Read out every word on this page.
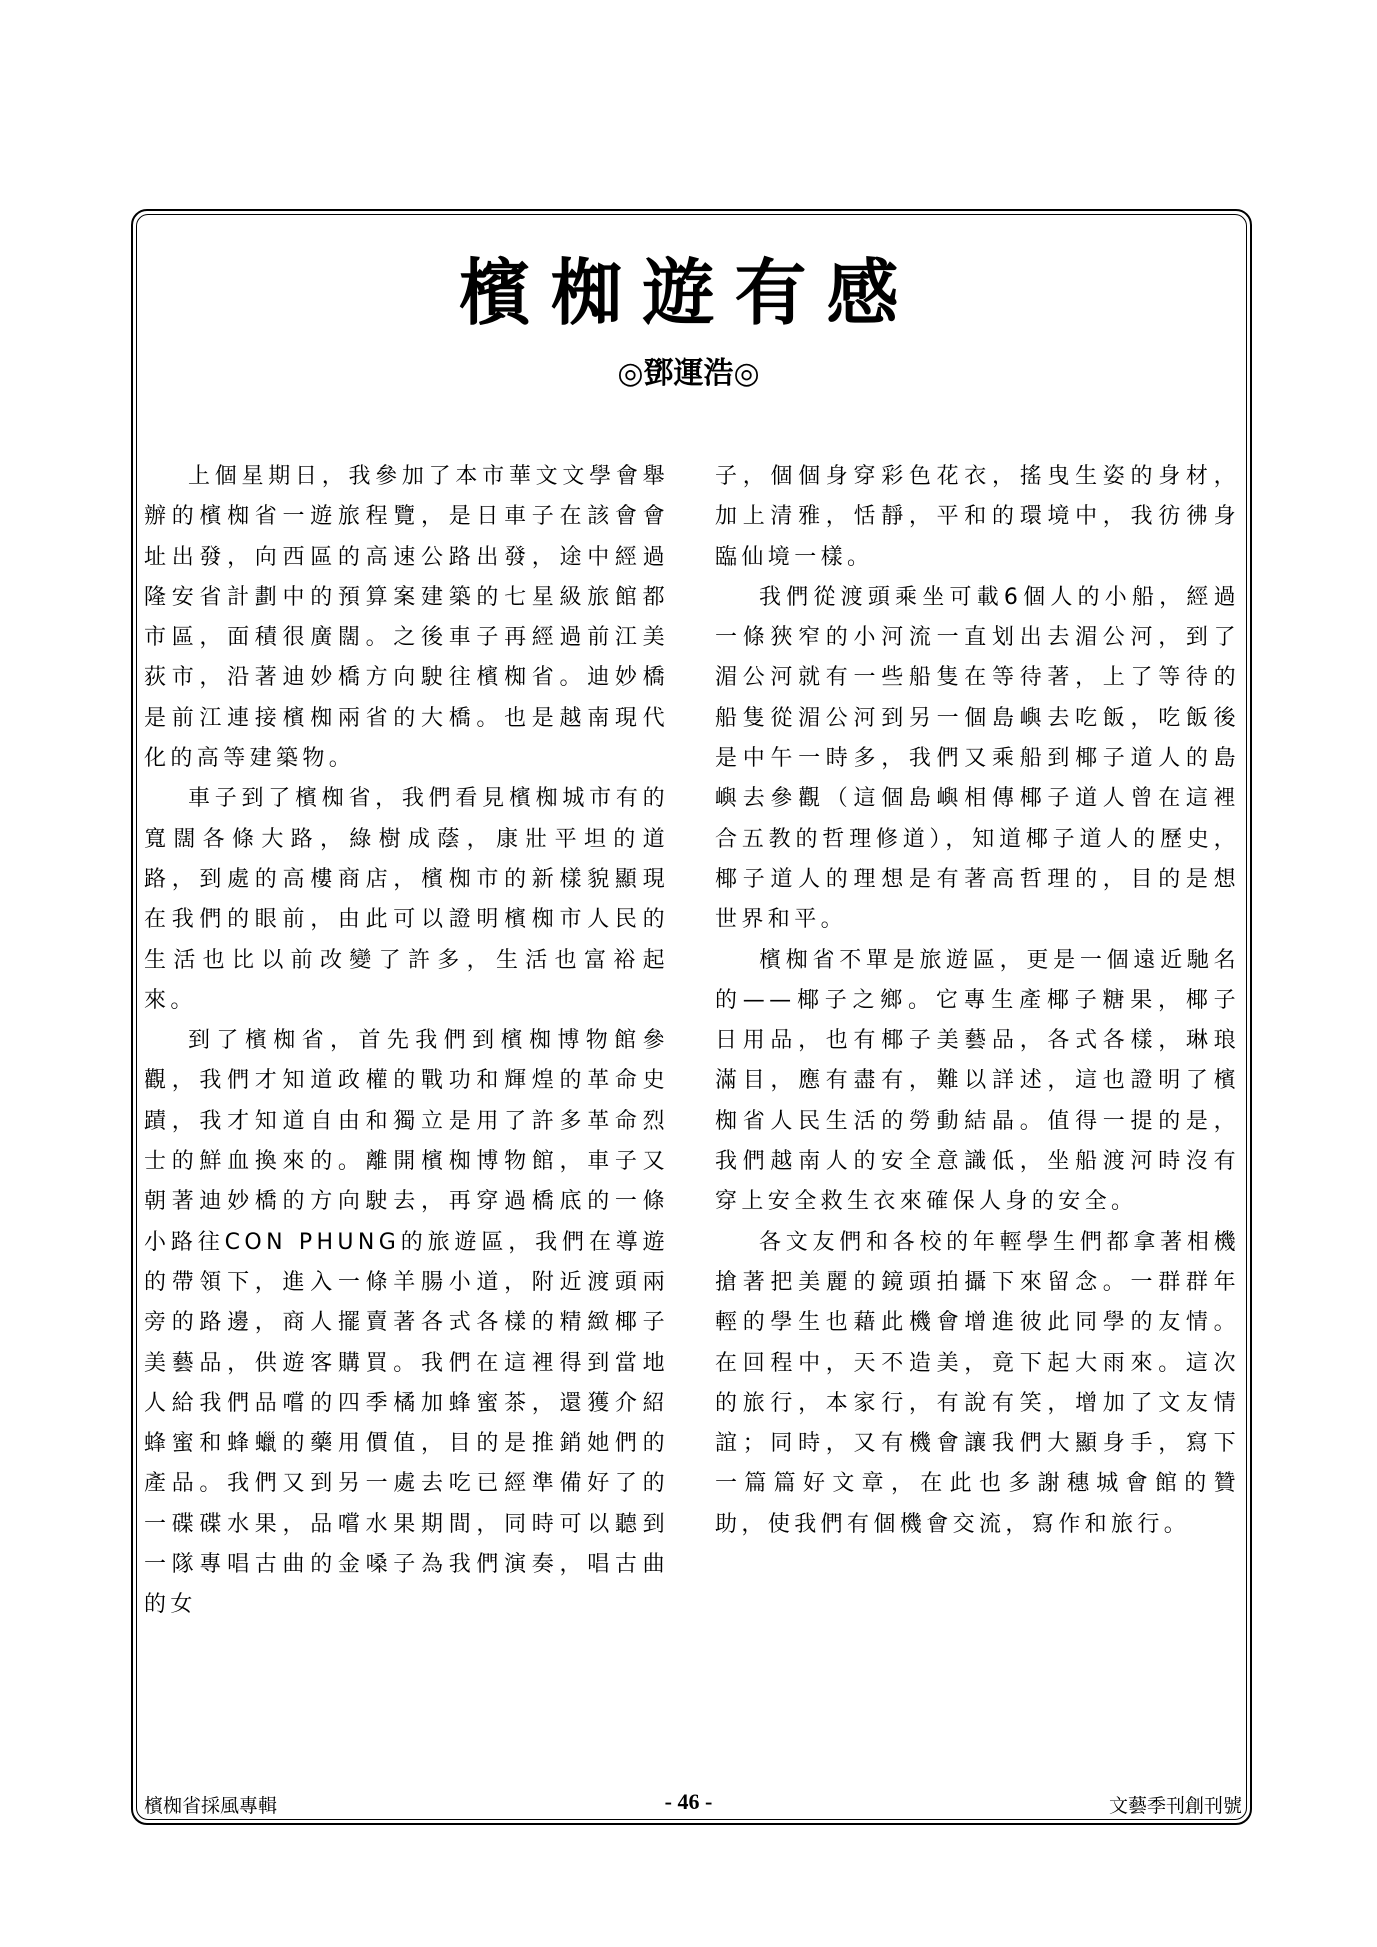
檳椥遊有感
◎鄧運浩◎

上個星期日，我參加了本市華文文學會舉辦的檳椥省一遊旅程覽，是日車子在該會會址出發，向西區的高速公路出發，途中經過隆安省計劃中的預算案建築的七星級旅館都市區，面積很廣闊。之後車子再經過前江美荻市，沿著迪妙橋方向駛往檳椥省。迪妙橋是前江連接檳椥兩省的大橋。也是越南現代化的高等建築物。

車子到了檳椥省，我們看見檳椥城市有的寬闊各條大路，綠樹成蔭，康壯平坦的道路，到處的高樓商店，檳椥市的新樣貌顯現在我們的眼前，由此可以證明檳椥市人民的生活也比以前改變了許多，生活也富裕起來。

到了檳椥省，首先我們到檳椥博物館參觀，我們才知道政權的戰功和輝煌的革命史蹟，我才知道自由和獨立是用了許多革命烈士的鮮血換來的。離開檳椥博物館，車子又朝著迪妙橋的方向駛去，再穿過橋底的一條小路往CON PHUNG的旅遊區，我們在導遊的帶領下，進入一條羊腸小道，附近渡頭兩旁的路邊，商人擺賣著各式各樣的精緻椰子美藝品，供遊客購買。我們在這裡得到當地人給我們品嚐的四季橘加蜂蜜茶，還獲介紹蜂蜜和蜂蠟的藥用價值，目的是推銷她們的產品。我們又到另一處去吃已經準備好了的一碟碟水果，品嚐水果期間，同時可以聽到一隊專唱古曲的金嗓子為我們演奏，唱古曲的女

子，個個身穿彩色花衣，搖曳生姿的身材，加上清雅，恬靜，平和的環境中，我彷彿身臨仙境一樣。

我們從渡頭乘坐可載6個人的小船，經過一條狹窄的小河流一直划出去湄公河，到了湄公河就有一些船隻在等待著，上了等待的船隻從湄公河到另一個島嶼去吃飯，吃飯後是中午一時多，我們又乘船到椰子道人的島嶼去參觀（這個島嶼相傳椰子道人曾在這裡合五教的哲理修道），知道椰子道人的歷史，椰子道人的理想是有著高哲理的，目的是想世界和平。

檳椥省不單是旅遊區，更是一個遠近馳名的——椰子之鄉。它專生產椰子糖果，椰子日用品，也有椰子美藝品，各式各樣，琳琅滿目，應有盡有，難以詳述，這也證明了檳椥省人民生活的勞動結晶。值得一提的是，我們越南人的安全意識低，坐船渡河時沒有穿上安全救生衣來確保人身的安全。

各文友們和各校的年輕學生們都拿著相機搶著把美麗的鏡頭拍攝下來留念。一群群年輕的學生也藉此機會增進彼此同學的友情。在回程中，天不造美，竟下起大雨來。這次的旅行，本家行，有說有笑，增加了文友情誼；同時，又有機會讓我們大顯身手，寫下一篇篇好文章，在此也多謝穗城會館的贊助，使我們有個機會交流，寫作和旅行。

檳椥省採風專輯	- 46 -	文藝季刊創刊號
